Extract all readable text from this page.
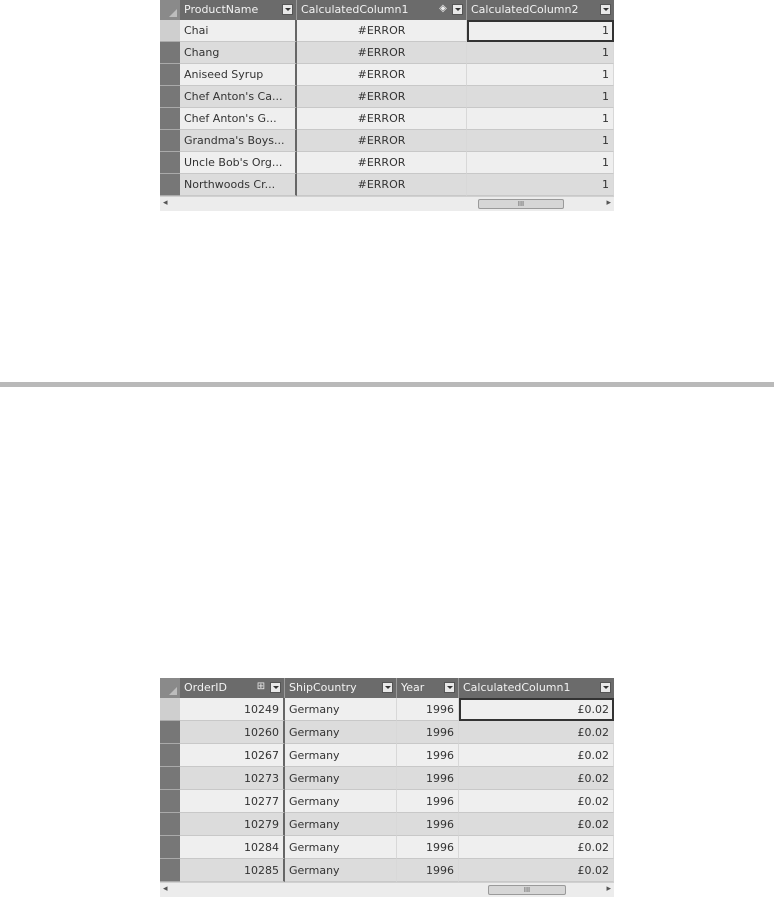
ProductName	CalculatedColumn1	◈	CalculatedColumn2
Chai	#ERROR	1
Chang	#ERROR	1
Aniseed Syrup	#ERROR	1
Chef Anton's Ca...	#ERROR	1
Chef Anton's G...	#ERROR	1
Grandma's Boys...	#ERROR	1
Uncle Bob's Org...	#ERROR	1
Northwoods Cr...	#ERROR	1
◂	III	▸
OrderID	⊞	ShipCountry	Year	CalculatedColumn1
10249 Germany	1996	£0.02
10260 Germany	1996	£0.02
10267 Germany	1996	£0.02
10273 Germany	1996	£0.02
10277 Germany	1996	£0.02
10279 Germany	1996	£0.02
10284 Germany	1996	£0.02
10285 Germany	1996	£0.02
◂	III	▸
